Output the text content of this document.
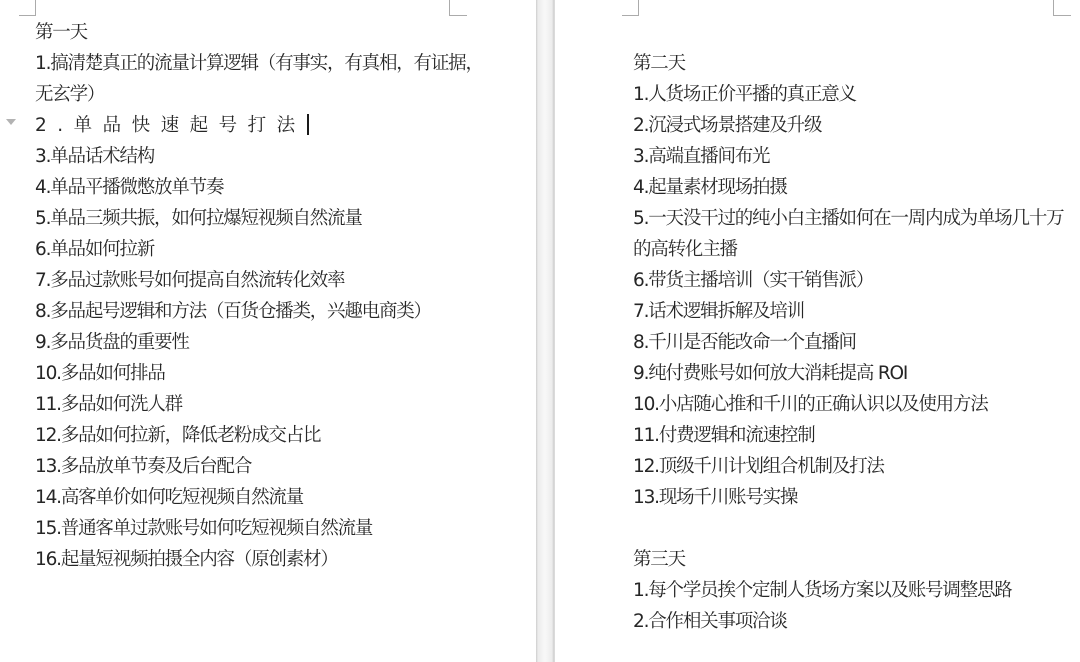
第一天
1.搞清楚真正的流量计算逻辑（有事实，有真相，有证据，
无玄学）
2.单品快速起号打法
3.单品话术结构
4.单品平播微憋放单节奏
5.单品三频共振，如何拉爆短视频自然流量
6.单品如何拉新
7.多品过款账号如何提高自然流转化效率
8.多品起号逻辑和方法（百货仓播类，兴趣电商类）
9.多品货盘的重要性
10.多品如何排品
11.多品如何洗人群
12.多品如何拉新，降低老粉成交占比
13.多品放单节奏及后台配合
14.高客单价如何吃短视频自然流量
15.普通客单过款账号如何吃短视频自然流量
16.起量短视频拍摄全内容（原创素材）
第二天
1.人货场正价平播的真正意义
2.沉浸式场景搭建及升级
3.高端直播间布光
4.起量素材现场拍摄
5.一天没干过的纯小白主播如何在一周内成为单场几十万
的高转化主播
6.带货主播培训（实干销售派）
7.话术逻辑拆解及培训
8.千川是否能改命一个直播间
9.纯付费账号如何放大消耗提高 ROI
10.小店随心推和千川的正确认识以及使用方法
11.付费逻辑和流速控制
12.顶级千川计划组合机制及打法
13.现场千川账号实操
第三天
1.每个学员挨个定制人货场方案以及账号调整思路
2.合作相关事项洽谈
